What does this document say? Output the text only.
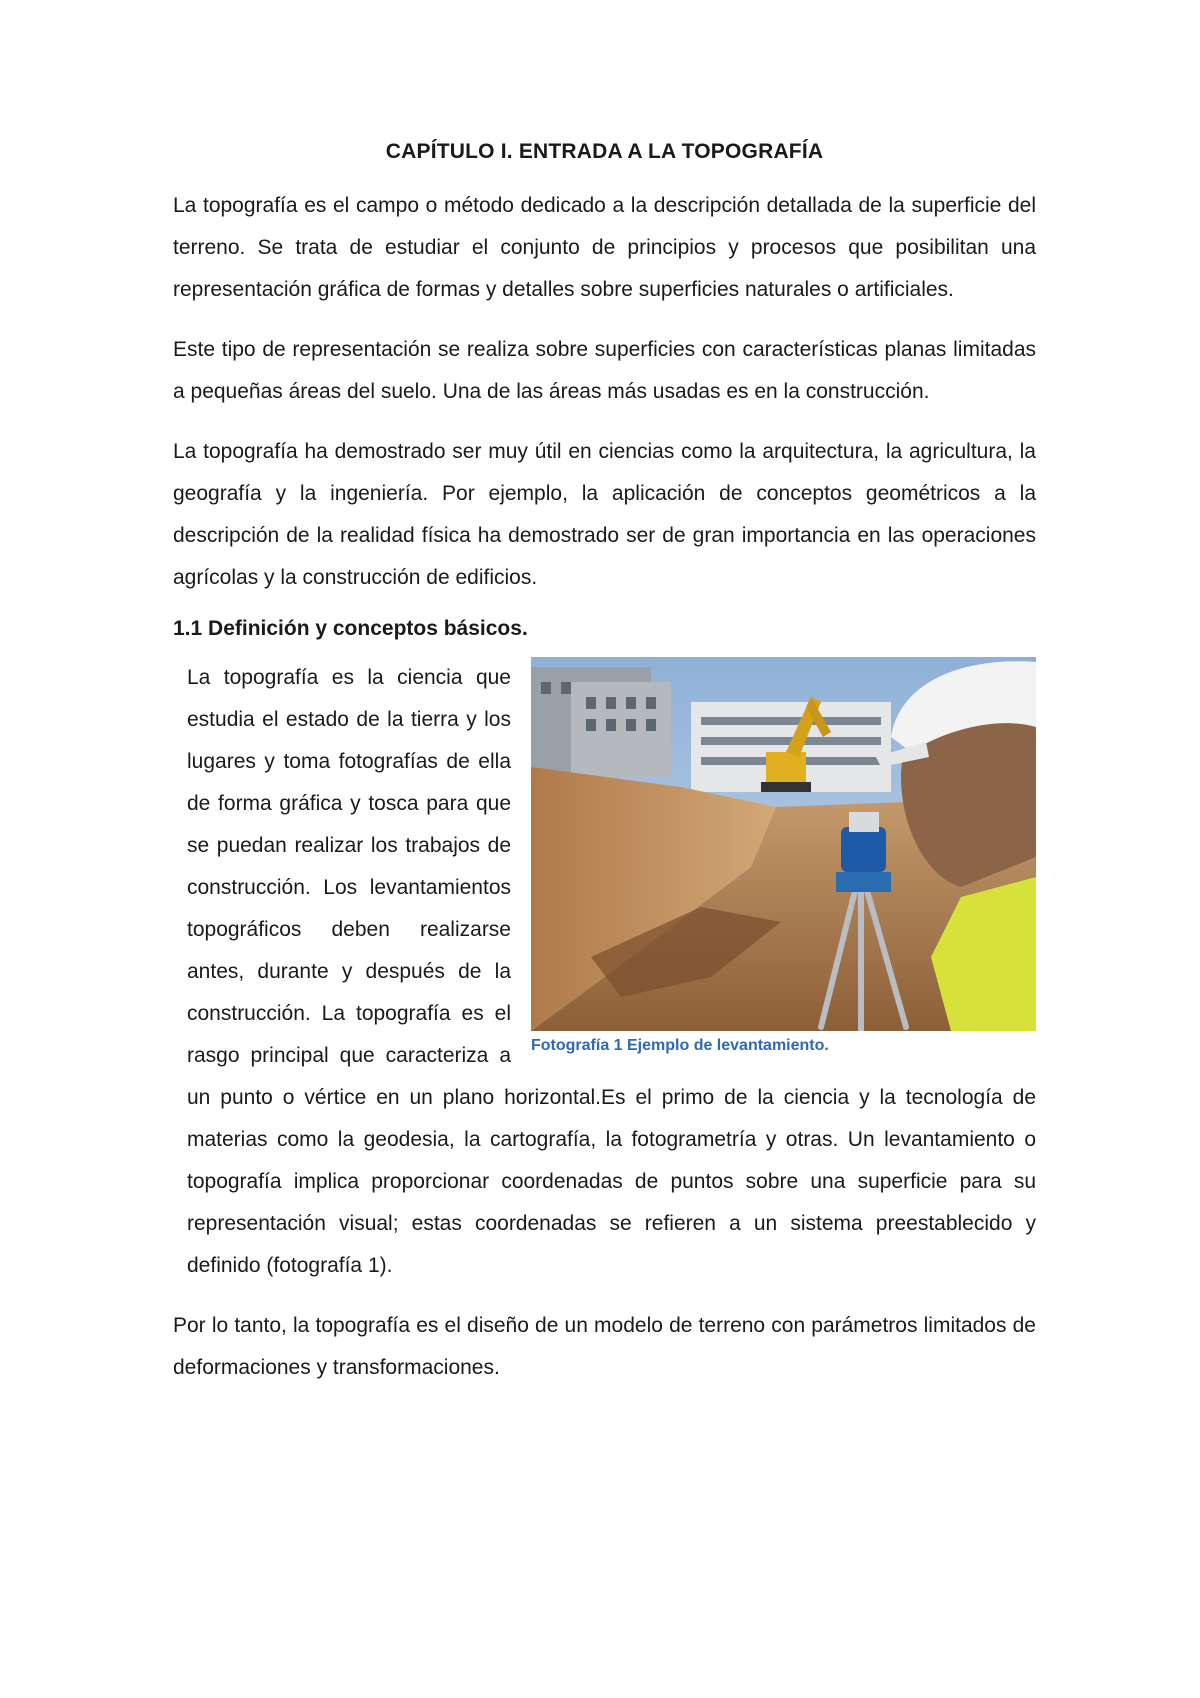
CAPÍTULO I. ENTRADA A LA TOPOGRAFÍA

La topografía es el campo o método dedicado a la descripción detallada de la superficie del terreno. Se trata de estudiar el conjunto de principios y procesos que posibilitan una representación gráfica de formas y detalles sobre superficies naturales o artificiales.

Este tipo de representación se realiza sobre superficies con características planas limitadas a pequeñas áreas del suelo. Una de las áreas más usadas es en la construcción.

La topografía ha demostrado ser muy útil en ciencias como la arquitectura, la agricultura, la geografía y la ingeniería. Por ejemplo, la aplicación de conceptos geométricos a la descripción de la realidad física ha demostrado ser de gran importancia en las operaciones agrícolas y la construcción de edificios.

1.1 Definición y conceptos básicos.
Fotografía 1 Ejemplo de levantamiento.

La topografía es la ciencia que estudia el estado de la tierra y los lugares y toma fotografías de ella de forma gráfica y tosca para que se puedan realizar los trabajos de construcción. Los levantamientos topográficos deben realizarse antes, durante y después de la construcción. La topografía es el rasgo principal que caracteriza a un punto o vértice en un plano horizontal.Es el primo de la ciencia y la tecnología de materias como la geodesia, la cartografía, la fotogrametría y otras. Un levantamiento o topografía implica proporcionar coordenadas de puntos sobre una superficie para su representación visual; estas coordenadas se refieren a un sistema preestablecido y definido (fotografía 1).

Por lo tanto, la topografía es el diseño de un modelo de terreno con parámetros limitados de deformaciones y transformaciones.
